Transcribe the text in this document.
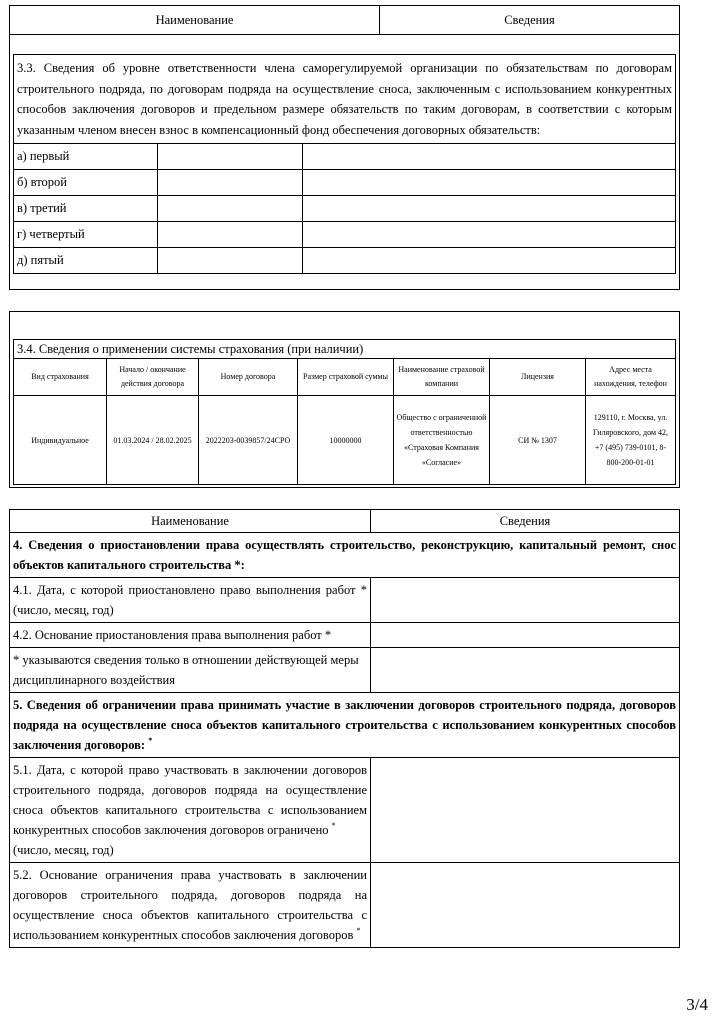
Наименование	Сведения
3.3. Сведения об уровне ответственности члена саморегулируемой организации по обязательствам по договорам строительного подряда, по договорам подряда на осуществление сноса, заключенным с использованием конкурентных способов заключения договоров и предельном размере обязательств по таким договорам, в соответствии с которым указанным членом внесен взнос в компенсационный фонд обеспечения договорных обязательств:		
а) первый		
б) второй		
в) третий		
г) четвертый		
д) пятый		
3.4. Сведения о применении системы страхования (при наличии)						
Вид страхования	Начало / окончание действия договора	Номер договора	Размер страховой суммы	Наименование страховой компании	Лицензия	Адрес места нахождения, телефон
Индивидуальное	01.03.2024 / 28.02.2025	2022203-0039857/24СРО	10000000	Общество с ограниченной ответственностью «Страховая Компания «Согласие»	СИ № 1307	129110, г. Москва, ул. Гиляровского, дом 42, +7 (495) 739-0101, 8-800-200-01-01
Наименование	Сведения
4. Сведения о приостановлении права осуществлять строительство, реконструкцию, капитальный ремонт, снос объектов капитального строительства *:	
4.1. Дата, с которой приостановлено право выполнения работ * (число, месяц, год)	
4.2. Основание приостановления права выполнения работ *	
* указываются сведения только в отношении действующей меры дисциплинарного воздействия	
5. Сведения об ограничении права принимать участие в заключении договоров строительного подряда, договоров подряда на осуществление сноса объектов капитального строительства с использованием конкурентных способов заключения договоров: *
5.1. Дата, с которой право участвовать в заключении договоров строительного подряда, договоров подряда на осуществление сноса объектов капитального строительства с использованием конкурентных способов заключения договоров ограничено *
(число, месяц, год)	
5.2. Основание ограничения права участвовать в заключении договоров строительного подряда, договоров подряда на осуществление сноса объектов капитального строительства с использованием конкурентных способов заключения договоров *	
3/4
